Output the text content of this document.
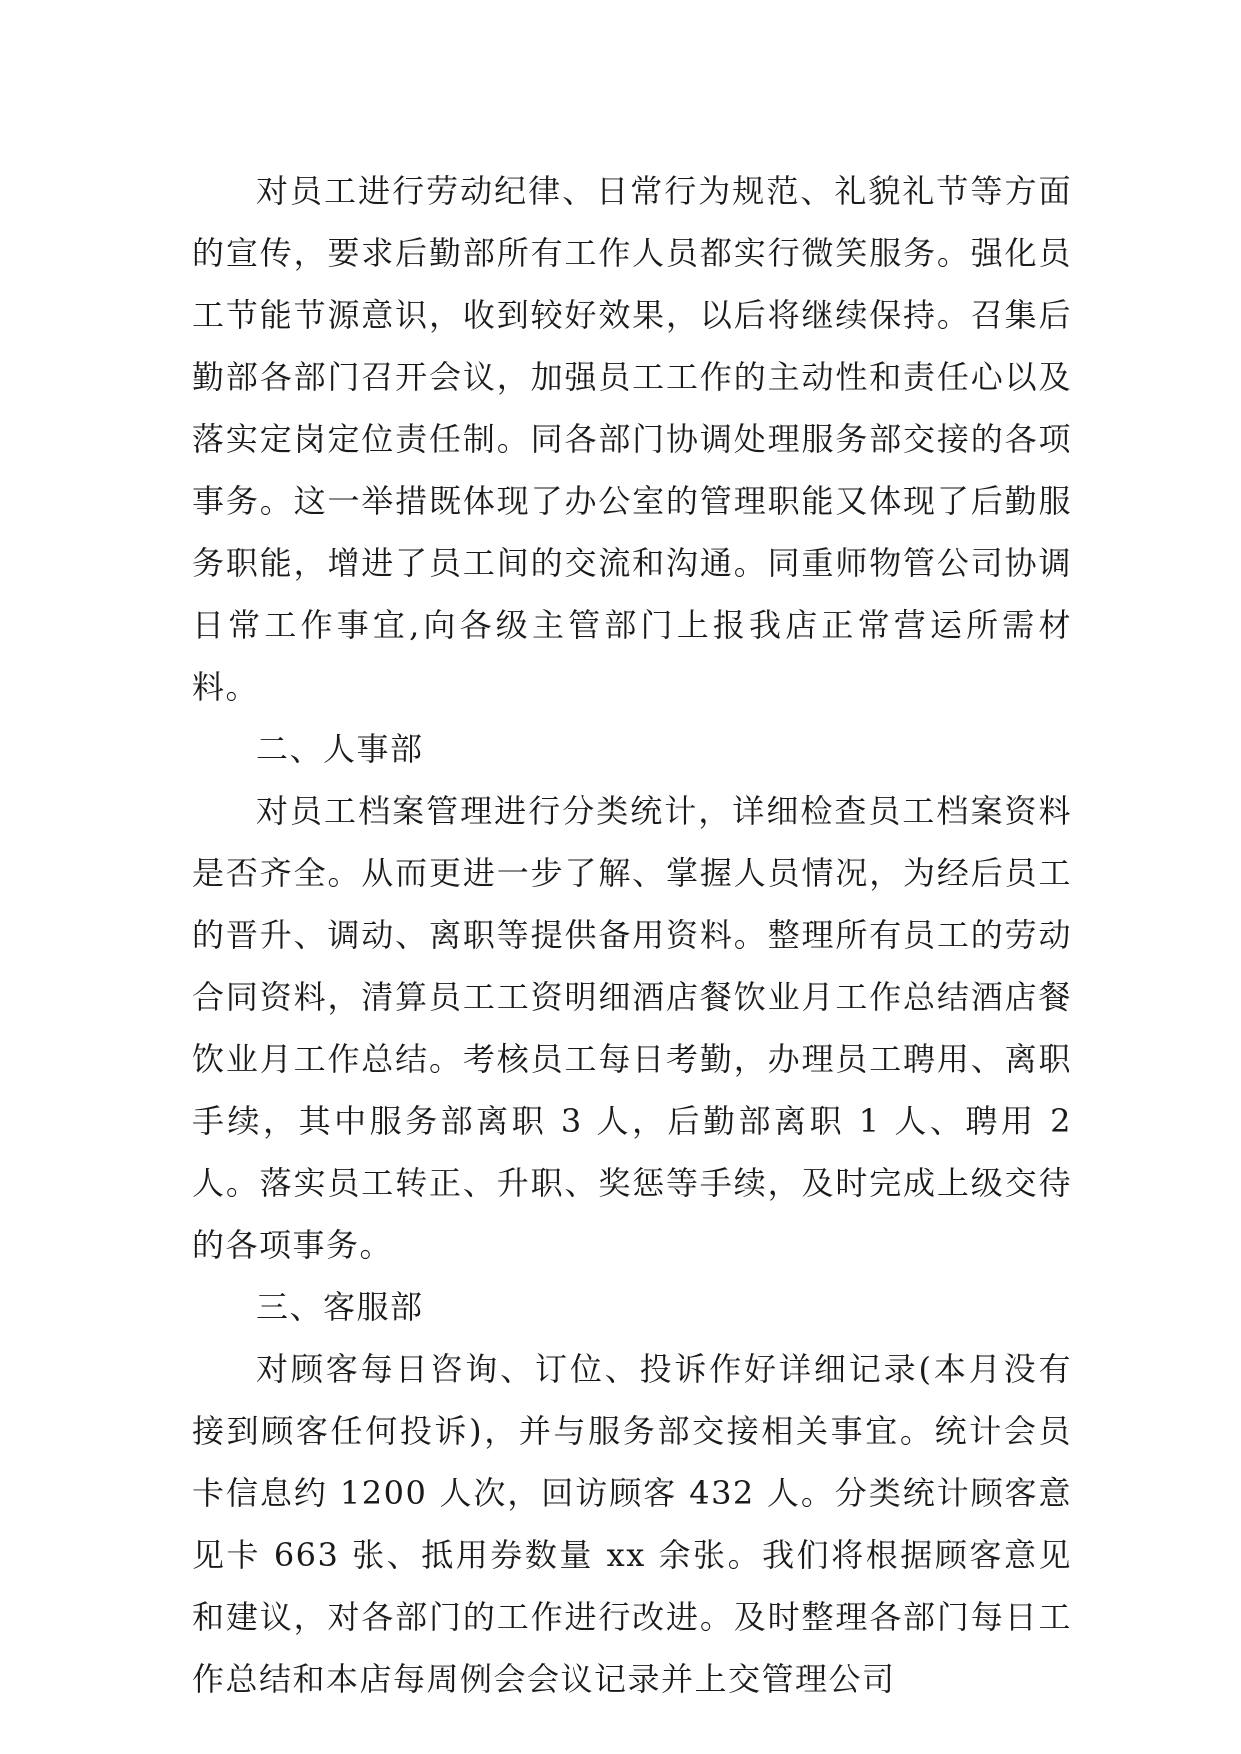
对员工进行劳动纪律、日常行为规范、礼貌礼节等方面的宣传，要求后勤部所有工作人员都实行微笑服务。强化员工节能节源意识，收到较好效果，以后将继续保持。召集后勤部各部门召开会议，加强员工工作的主动性和责任心以及落实定岗定位责任制。同各部门协调处理服务部交接的各项事务。这一举措既体现了办公室的管理职能又体现了后勤服务职能，增进了员工间的交流和沟通。同重师物管公司协调日常工作事宜,向各级主管部门上报我店正常营运所需材料。

二、人事部

对员工档案管理进行分类统计，详细检查员工档案资料是否齐全。从而更进一步了解、掌握人员情况，为经后员工的晋升、调动、离职等提供备用资料。整理所有员工的劳动合同资料，清算员工工资明细酒店餐饮业月工作总结酒店餐饮业月工作总结。考核员工每日考勤，办理员工聘用、离职手续，其中服务部离职 3 人，后勤部离职 1 人、聘用 2 人。落实员工转正、升职、奖惩等手续，及时完成上级交待的各项事务。

三、客服部

对顾客每日咨询、订位、投诉作好详细记录(本月没有接到顾客任何投诉)，并与服务部交接相关事宜。统计会员卡信息约 1200 人次，回访顾客 432 人。分类统计顾客意见卡 663 张、抵用券数量 xx 余张。我们将根据顾客意见和建议，对各部门的工作进行改进。及时整理各部门每日工作总结和本店每周例会会议记录并上交管理公司
